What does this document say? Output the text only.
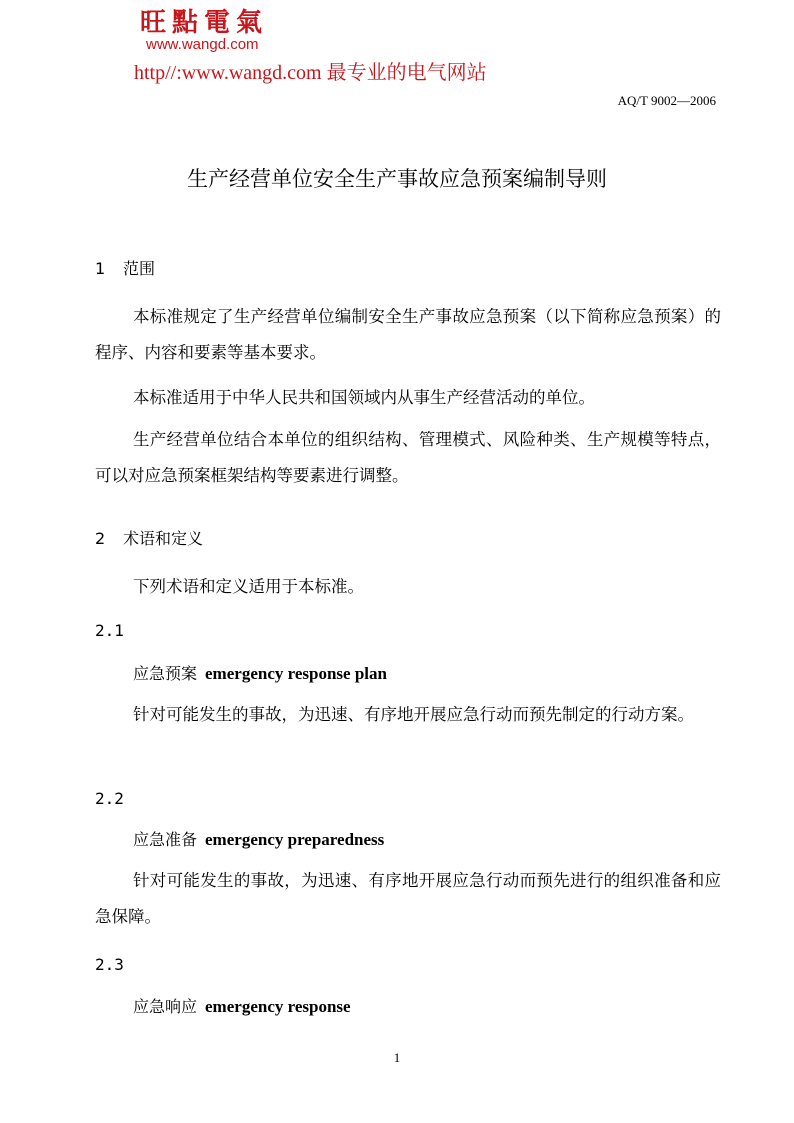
旺點電氣
www.wangd.com
http//:www.wangd.com 最专业的电气网站
AQ/T 9002—2006
生产经营单位安全生产事故应急预案编制导则
1 范围
本标准规定了生产经营单位编制安全生产事故应急预案（以下简称应急预案）的程序、内容和要素等基本要求。
本标准适用于中华人民共和国领域内从事生产经营活动的单位。
生产经营单位结合本单位的组织结构、管理模式、风险种类、生产规模等特点，可以对应急预案框架结构等要素进行调整。
2 术语和定义
下列术语和定义适用于本标准。
2.1
应急预案 emergency response plan
针对可能发生的事故，为迅速、有序地开展应急行动而预先制定的行动方案。
2.2
应急准备 emergency preparedness
针对可能发生的事故，为迅速、有序地开展应急行动而预先进行的组织准备和应急保障。
2.3
应急响应 emergency response
1
